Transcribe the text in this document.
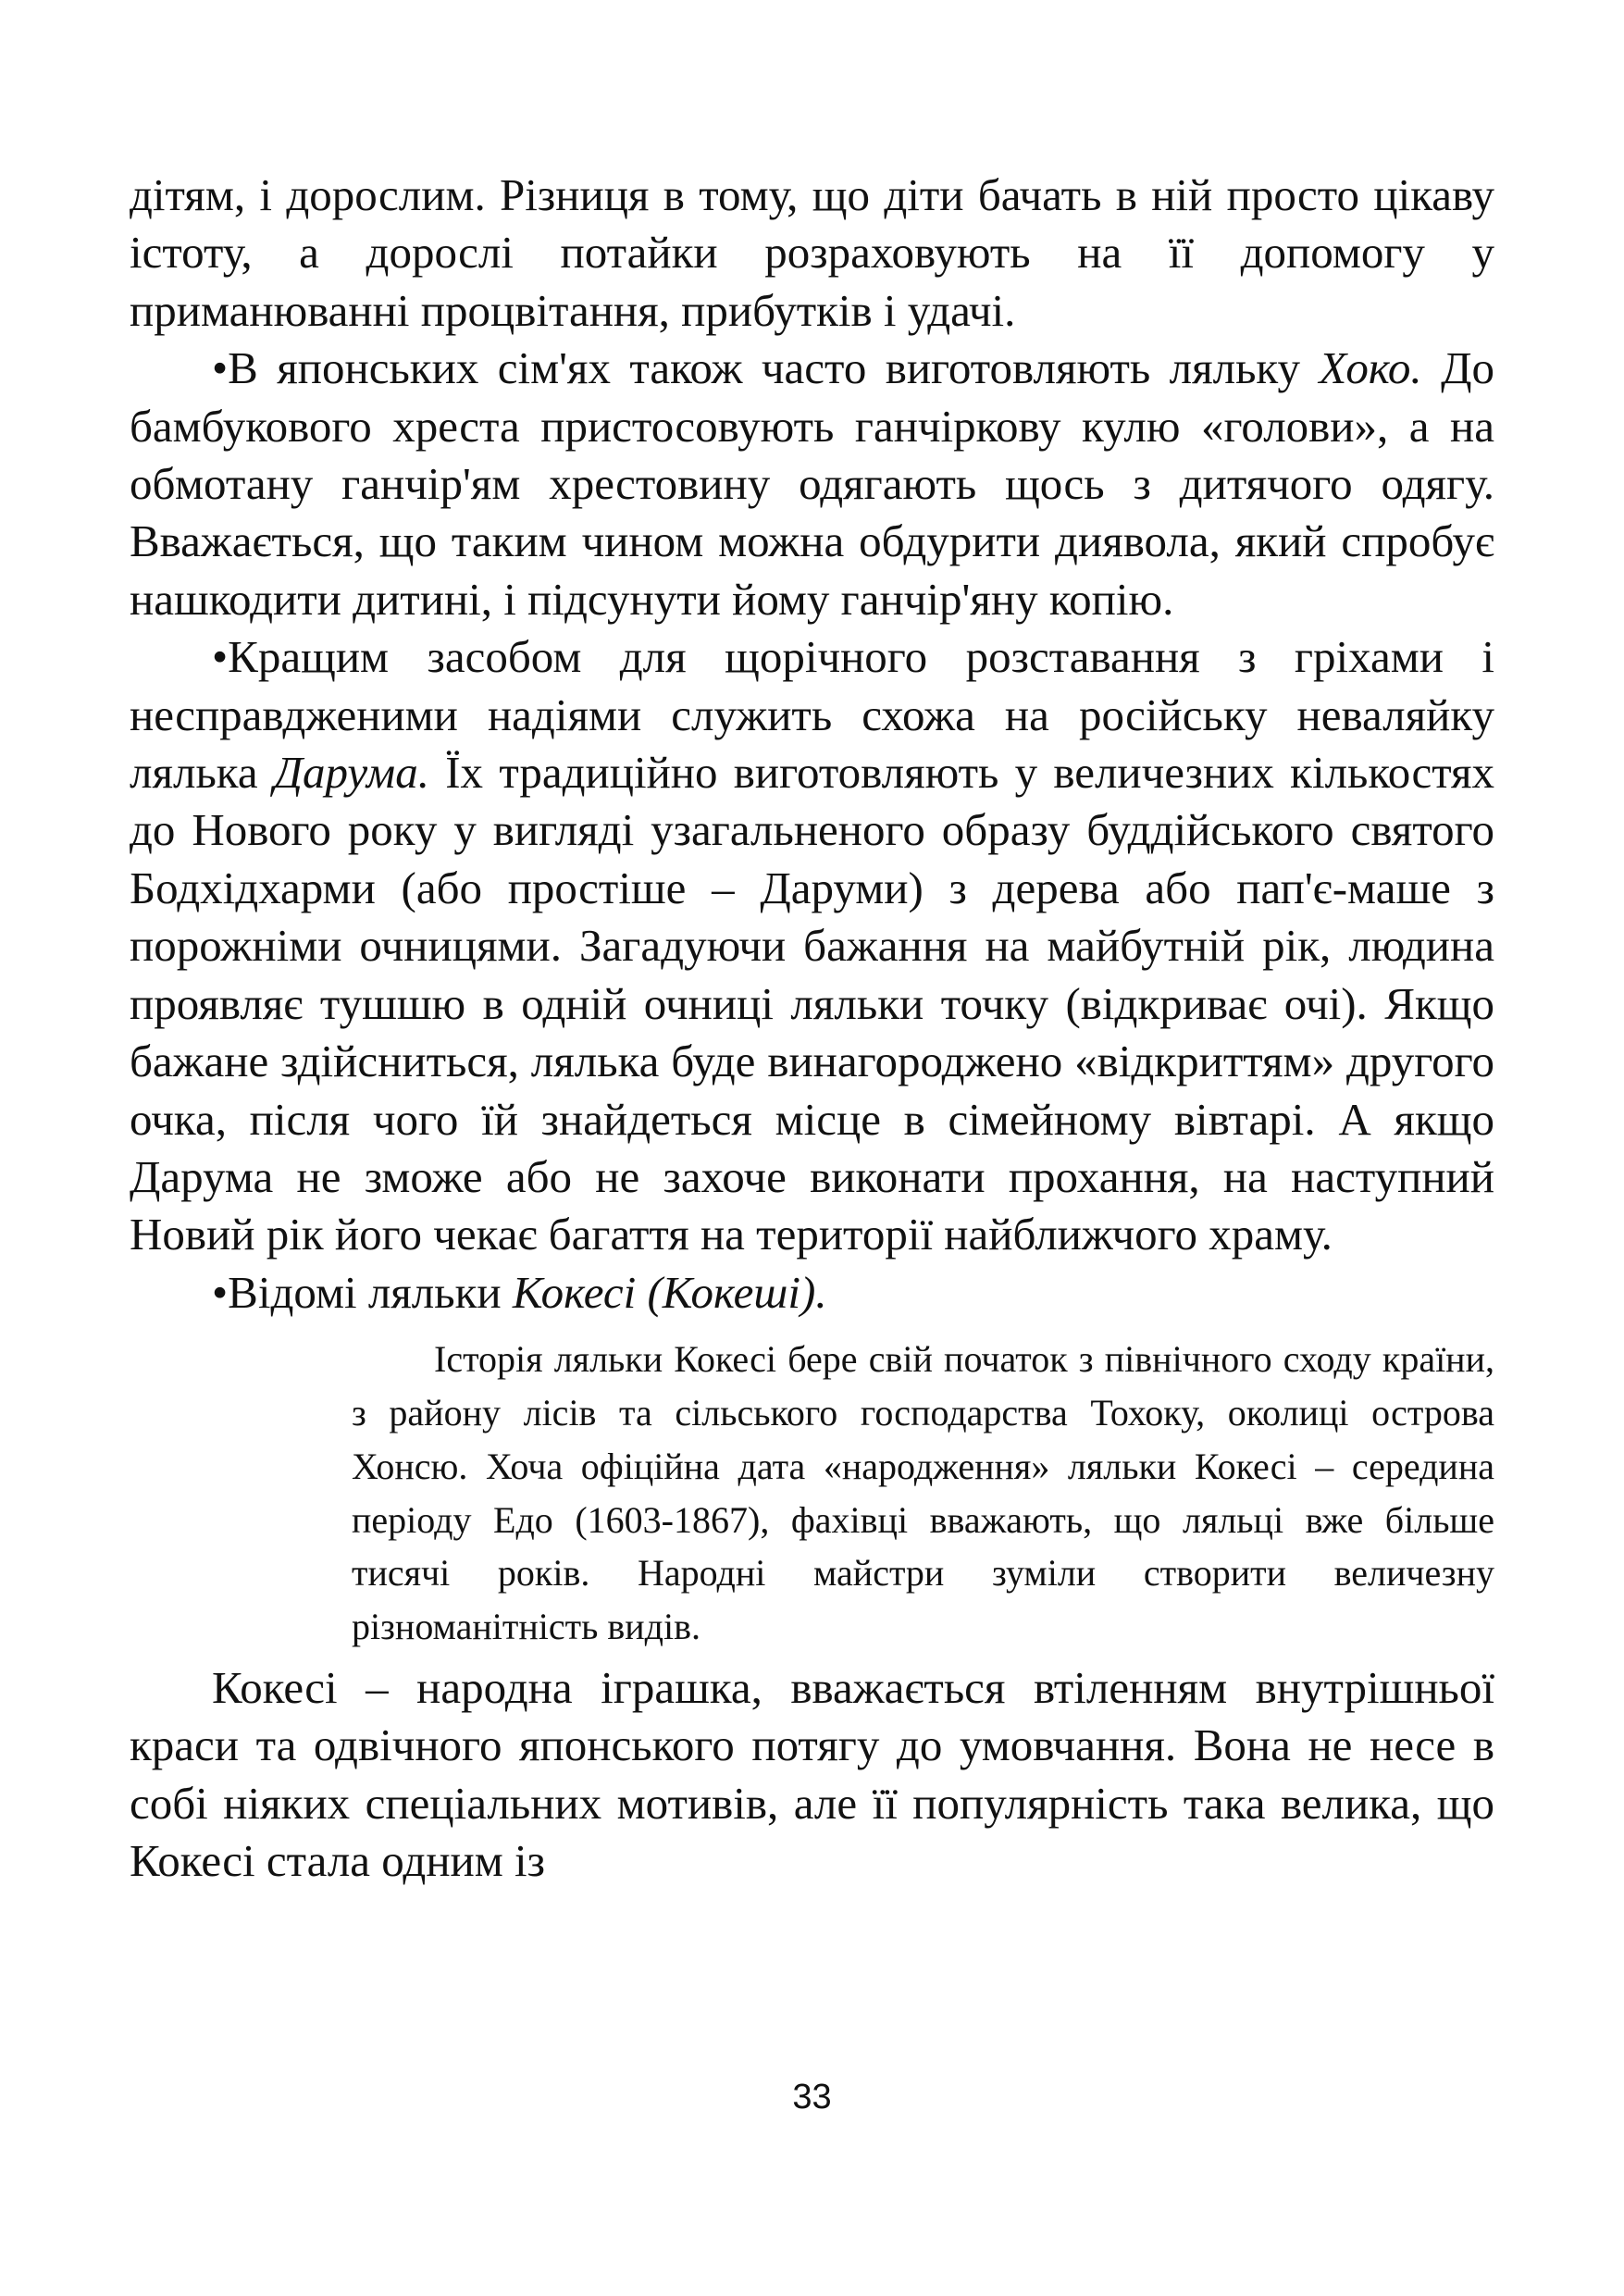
дітям, і дорослим. Різниця в тому, що діти бачать в ній просто цікаву істоту, а дорослі потайки розраховують на її допомогу у приманюванні процвітання, прибутків і удачі.

•В японських сім'ях також часто виготовляють ляльку Хоко. До бамбукового хреста пристосовують ганчіркову кулю «голови», а на обмотану ганчір'ям хрестовину одягають щось з дитячого одягу. Вважається, що таким чином можна обдурити диявола, який спробує нашкодити дитині, і підсунути йому ганчір'яну копію.

•Кращим засобом для щорічного розставання з гріхами і несправдженими надіями служить схожа на російську неваляйку лялька Дарума. Їх традиційно виготовляють у величезних кількостях до Нового року у вигляді узагальненого образу буддійського святого Бодхідхарми (або простіше – Даруми) з дерева або пап'є-маше з порожніми очницями. Загадуючи бажання на майбутній рік, людина проявляє тушшю в одній очниці ляльки точку (відкриває очі). Якщо бажане здійсниться, лялька буде винагороджено «відкриттям» другого очка, після чого їй знайдеться місце в сімейному вівтарі. А якщо Дарума не зможе або не захоче виконати прохання, на наступний Новий рік його чекає багаття на території найближчого храму.

•Відомі ляльки Кокесі (Кокеші).

Історія ляльки Кокесі бере свій початок з північного сходу країни, з району лісів та сільського господарства Тохоку, околиці острова Хонсю. Хоча офіційна дата «народження» ляльки Кокесі – середина періоду Едо (1603-1867), фахівці вважають, що ляльці вже більше тисячі років. Народні майстри зуміли створити величезну різноманітність видів.

Кокесі – народна іграшка, вважається втіленням внутрішньої краси та одвічного японського потягу до умовчання. Вона не несе в собі ніяких спеціальних мотивів, але її популярність така велика, що Кокесі стала одним із

33
